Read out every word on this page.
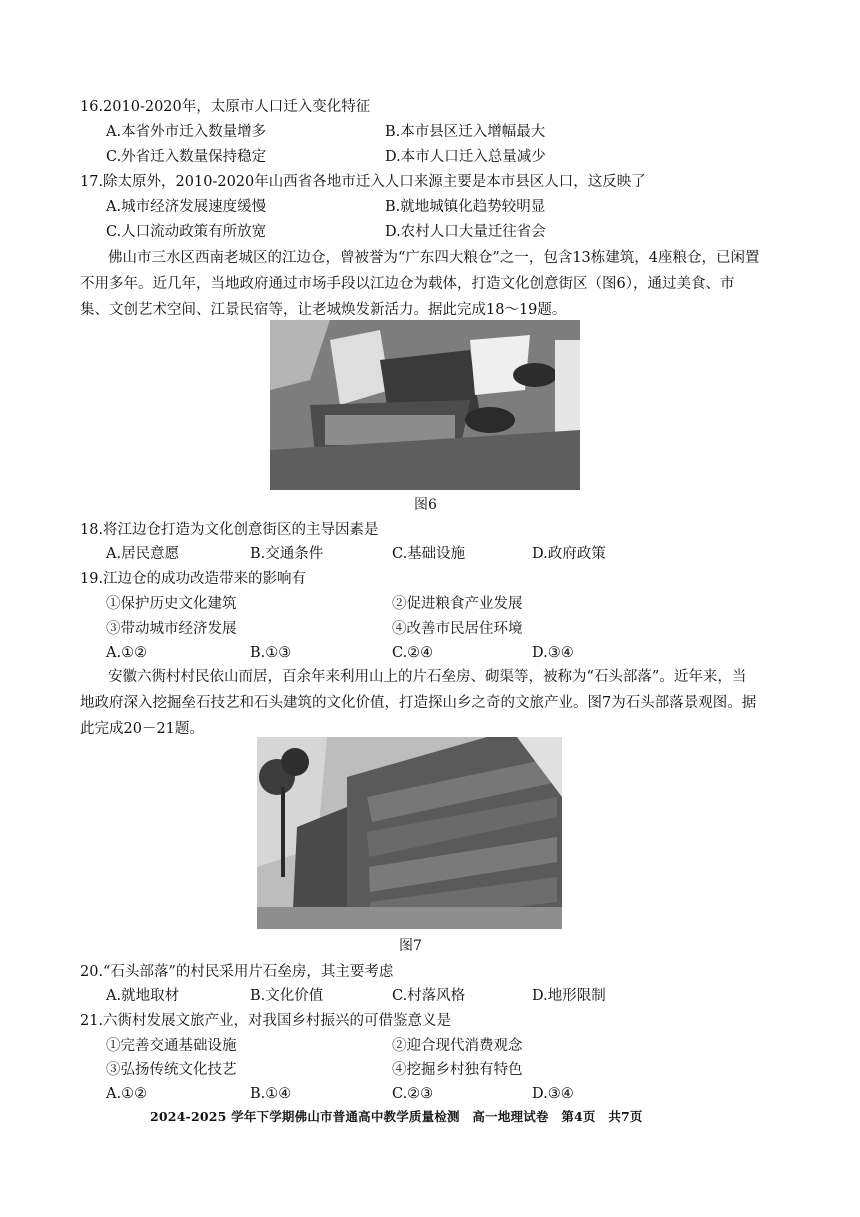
16.2010-2020年，太原市人口迁入变化特征
A.本省外市迁入数量增多	B.本市县区迁入增幅最大
C.外省迁入数量保持稳定	D.本市人口迁入总量减少
17.除太原外，2010-2020年山西省各地市迁入人口来源主要是本市县区人口，这反映了
A.城市经济发展速度缓慢	B.就地城镇化趋势较明显
C.人口流动政策有所放宽	D.农村人口大量迁往省会
佛山市三水区西南老城区的江边仓，曾被誉为“广东四大粮仓”之一，包含13栋建筑，4座粮仓，已闲置不用多年。近几年，当地政府通过市场手段以江边仓为载体，打造文化创意街区（图6），通过美食、市集、文创艺术空间、江景民宿等，让老城焕发新活力。据此完成18～19题。
图6
18.将江边仓打造为文化创意街区的主导因素是
A.居民意愿	B.交通条件	C.基础设施	D.政府政策
19.江边仓的成功改造带来的影响有
①保护历史文化建筑	②促进粮食产业发展
③带动城市经济发展	④改善市民居住环境
A.①②	B.①③	C.②④	D.③④
安徽六衖村村民依山而居，百余年来利用山上的片石垒房、砌渠等，被称为“石头部落”。近年来，当地政府深入挖掘垒石技艺和石头建筑的文化价值，打造探山乡之奇的文旅产业。图7为石头部落景观图。据此完成20－21题。
图7
20.“石头部落”的村民采用片石垒房，其主要考虑
A.就地取材	B.文化价值	C.村落风格	D.地形限制
21.六衖村发展文旅产业，对我国乡村振兴的可借鉴意义是
①完善交通基础设施	②迎合现代消费观念
③弘扬传统文化技艺	④挖掘乡村独有特色
A.①②	B.①④	C.②③	D.③④
2024-2025 学年下学期佛山市普通高中教学质量检测　高一地理试卷　第4页　共7页
